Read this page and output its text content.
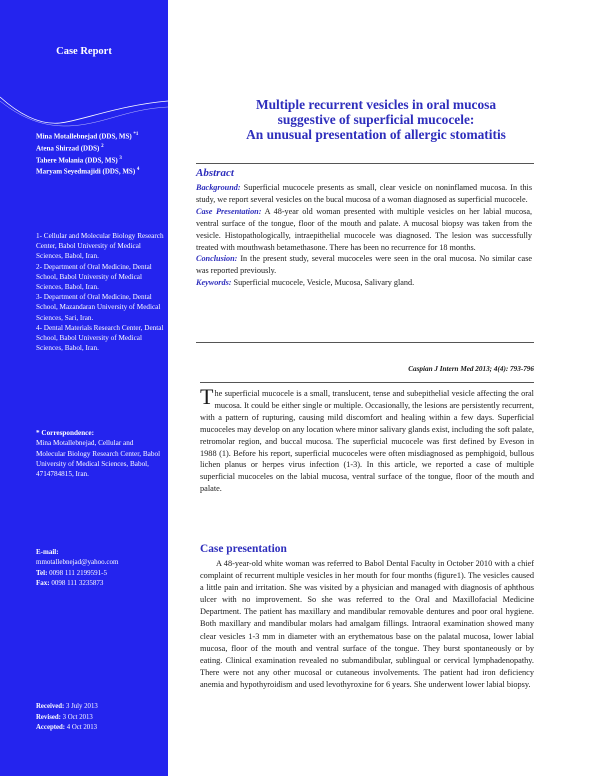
Case Report
Mina Motallebnejad (DDS, MS) $^{*1}$
Atena Shirzad (DDS) $^2$
Tahere Molania (DDS, MS) $^3$
Maryam Seyedmajidi (DDS, MS) $^4$
1- Cellular and Molecular Biology Research Center, Babol University of Medical Sciences, Babol, Iran.
2- Department of Oral Medicine, Dental School, Babol University of Medical Sciences, Babol, Iran.
3- Department of Oral Medicine, Dental School, Mazandaran University of Medical Sciences, Sari, Iran.
4- Dental Materials Research Center, Dental School, Babol University of Medical Sciences, Babol, Iran.
* Correspondence:
Mina Motallebnejad, Cellular and Molecular Biology Research Center, Babol University of Medical Sciences, Babol, 4714784815, Iran.
E-mail:
mmotallebnejad@yahoo.com
Tel: 0098 111 2199591-5
Fax: 0098 111 3235873
Received: 3 July 2013
Revised: 3 Oct 2013
Accepted: 4 Oct 2013
Multiple recurrent vesicles in oral mucosa
suggestive of superficial mucocele:
An unusual presentation of allergic stomatitis
Abstract

Background: Superficial mucocele presents as small, clear vesicle on noninflamed mucosa. In this study, we report several vesicles on the bucal mucosa of a woman diagnosed as superficial mucocele.

Case Presentation: A 48-year old woman presented with multiple vesicles on her labial mucosa, ventral surface of the tongue, floor of the mouth and palate. A mucosal biopsy was taken from the vesicle. Histopathologically, intraepithelial mucocele was diagnosed. The lesion was successfully treated with mouthwash betamethasone. There has been no recurrence for 18 months.

Conclusion: In the present study, several mucoceles were seen in the oral mucosa. No similar case was reported previously.

Keywords: Superficial mucocele, Vesicle, Mucosa, Salivary gland.

Caspian J Intern Med 2013; 4(4): 793-796
The superficial mucocele is a small, translucent, tense and subepithelial vesicle affecting the oral mucosa. It could be either single or multiple. Occasionally, the lesions are persistently recurrent, with a pattern of rupturing, causing mild discomfort and healing within a few days. Superficial mucoceles may develop on any location where minor salivary glands exist, including the soft palate, retromolar region, and buccal mucosa. The superficial mucocele was first defined by Eveson in 1988 (1). Before his report, superficial mucoceles were often misdiagnosed as pemphigoid, bullous lichen planus or herpes virus infection (1-3). In this article, we reported a case of multiple superficial mucoceles on the labial mucosa, ventral surface of the tongue, floor of the mouth and palate.
Case presentation

A 48-year-old white woman was referred to Babol Dental Faculty in October 2010 with a chief complaint of recurrent multiple vesicles in her mouth for four months (figure1). The vesicles caused a little pain and irritation. She was visited by a physician and managed with diagnosis of aphthous ulcer with no improvement. So she was referred to the Oral and Maxillofacial Medicine Department. The patient has maxillary and mandibular removable dentures and poor oral hygiene. Both maxillary and mandibular molars had amalgam fillings. Intraoral examination showed many clear vesicles 1-3 mm in diameter with an erythematous base on the palatal mucosa, lower labial mucosa, floor of the mouth and ventral surface of the tongue. They burst spontaneously or by eating. Clinical examination revealed no submandibular, sublingual or cervical lymphadenopathy. There were not any other mucosal or cutaneous involvements. The patient had iron deficiency anemia and hypothyroidism and used levothyroxine for 6 years. She underwent lower labial biopsy.
